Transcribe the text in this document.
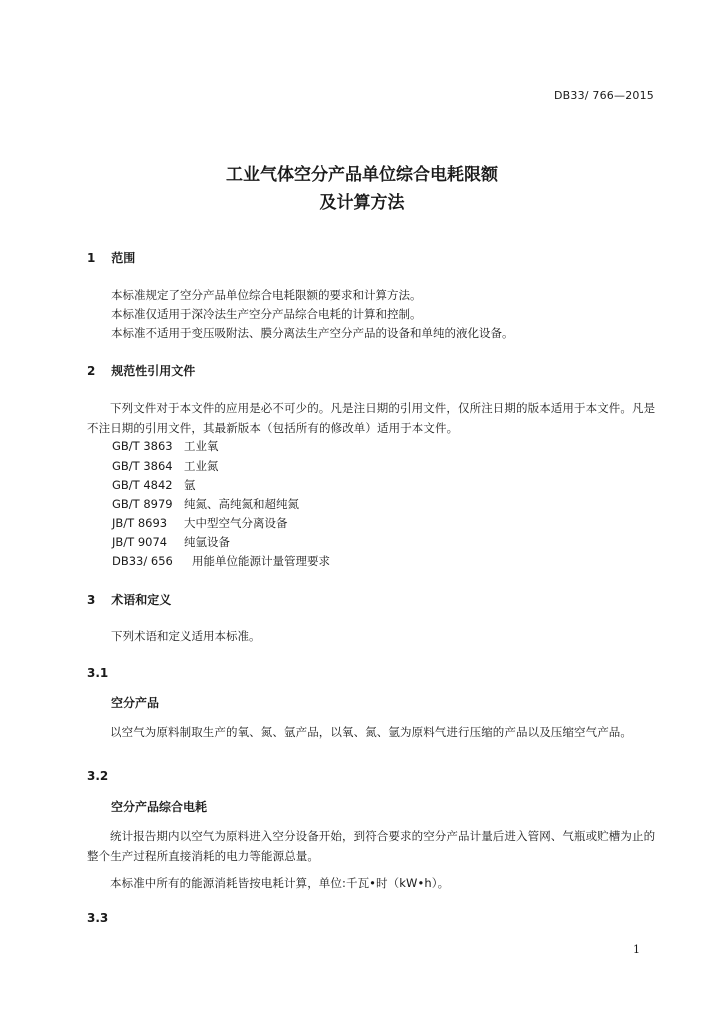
DB33/ 766—2015
工业气体空分产品单位综合电耗限额
及计算方法
1 范围
本标准规定了空分产品单位综合电耗限额的要求和计算方法。
本标准仅适用于深冷法生产空分产品综合电耗的计算和控制。
本标准不适用于变压吸附法、膜分离法生产空分产品的设备和单纯的液化设备。
2 规范性引用文件
下列文件对于本文件的应用是必不可少的。凡是注日期的引用文件，仅所注日期的版本适用于本文件。凡是不注日期的引用文件，其最新版本（包括所有的修改单）适用于本文件。
GB/T 3863 工业氧
GB/T 3864 工业氮
GB/T 4842 氩
GB/T 8979 纯氮、高纯氮和超纯氮
JB/T 8693 大中型空气分离设备
JB/T 9074 纯氩设备
DB33/ 656 用能单位能源计量管理要求
3 术语和定义
下列术语和定义适用本标准。
3.1
空分产品
以空气为原料制取生产的氧、氮、氩产品，以氧、氮、氩为原料气进行压缩的产品以及压缩空气产品。
3.2
空分产品综合电耗
统计报告期内以空气为原料进入空分设备开始，到符合要求的空分产品计量后进入管网、气瓶或贮槽为止的整个生产过程所直接消耗的电力等能源总量。
本标准中所有的能源消耗皆按电耗计算，单位:千瓦•时（kW•h）。
3.3
1
